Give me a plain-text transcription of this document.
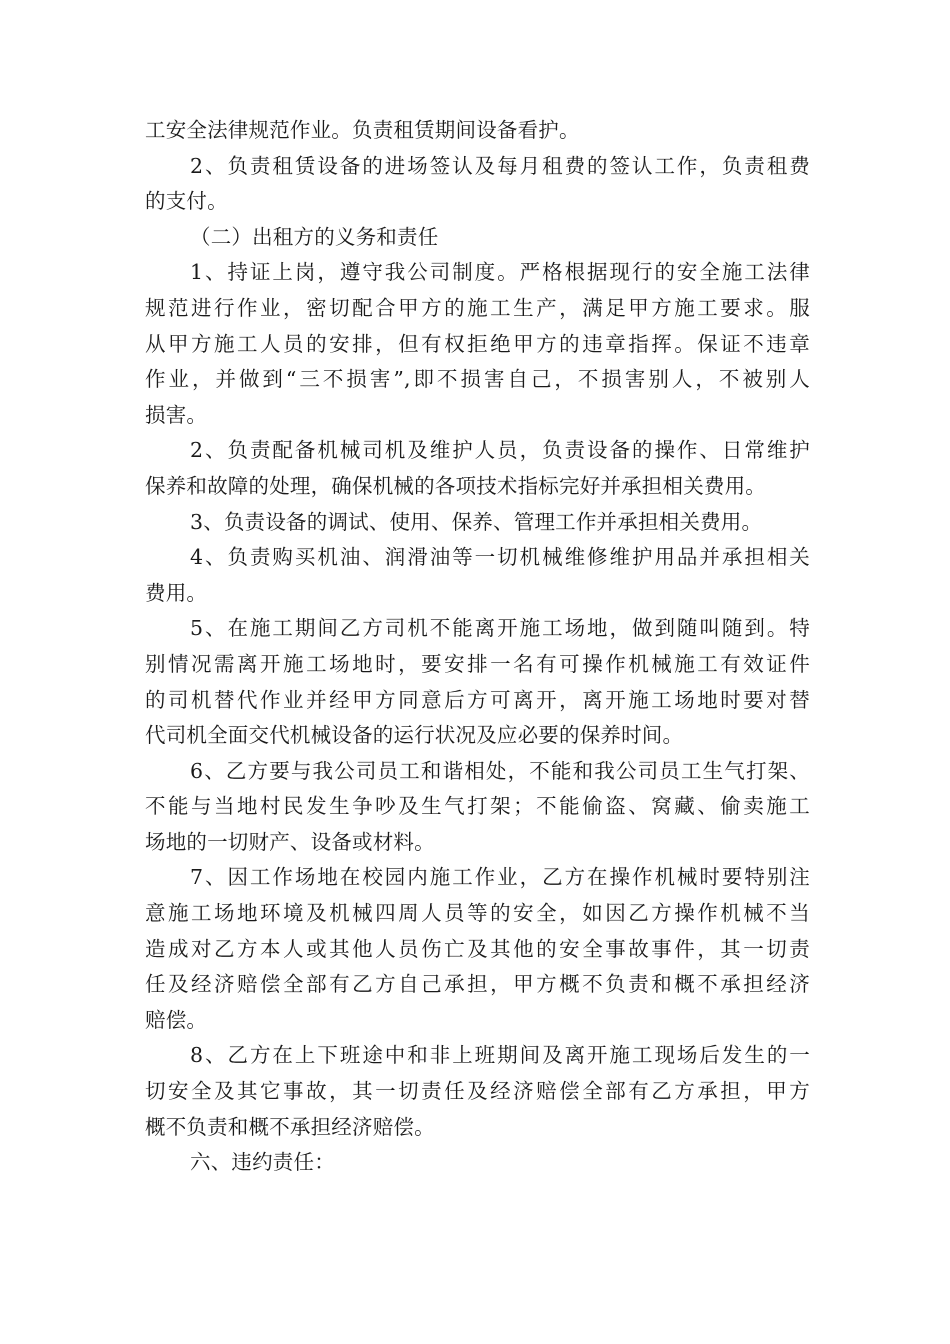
工安全法律规范作业。负责租赁期间设备看护。
2、负责租赁设备的进场签认及每月租费的签认工作，负责租费
的支付。
（二）出租方的义务和责任
1、持证上岗，遵守我公司制度。严格根据现行的安全施工法律
规范进行作业，密切配合甲方的施工生产，满足甲方施工要求。服
从甲方施工人员的安排，但有权拒绝甲方的违章指挥。保证不违章
作业，并做到“三不损害”,即不损害自己，不损害别人，不被别人
损害。
2、负责配备机械司机及维护人员，负责设备的操作、日常维护
保养和故障的处理，确保机械的各项技术指标完好并承担相关费用。
3、负责设备的调试、使用、保养、管理工作并承担相关费用。
4、负责购买机油、润滑油等一切机械维修维护用品并承担相关
费用。
5、在施工期间乙方司机不能离开施工场地，做到随叫随到。特
别情况需离开施工场地时，要安排一名有可操作机械施工有效证件
的司机替代作业并经甲方同意后方可离开，离开施工场地时要对替
代司机全面交代机械设备的运行状况及应必要的保养时间。
6、乙方要与我公司员工和谐相处，不能和我公司员工生气打架、
不能与当地村民发生争吵及生气打架；不能偷盗、窝藏、偷卖施工
场地的一切财产、设备或材料。
7、因工作场地在校园内施工作业，乙方在操作机械时要特别注
意施工场地环境及机械四周人员等的安全，如因乙方操作机械不当
造成对乙方本人或其他人员伤亡及其他的安全事故事件，其一切责
任及经济赔偿全部有乙方自己承担，甲方概不负责和概不承担经济
赔偿。
8、乙方在上下班途中和非上班期间及离开施工现场后发生的一
切安全及其它事故，其一切责任及经济赔偿全部有乙方承担，甲方
概不负责和概不承担经济赔偿。
六、违约责任：
